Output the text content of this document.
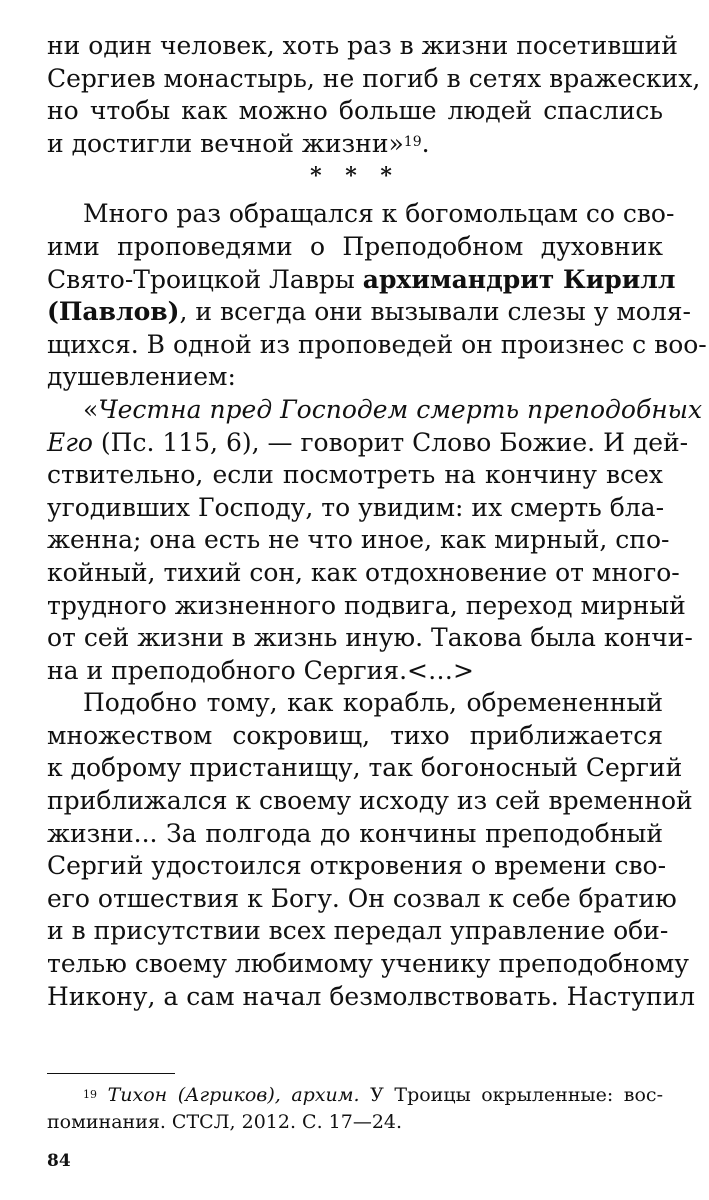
ни один человек, хоть раз в жизни посетивший
Сергиев монастырь, не погиб в сетях вражеских,
но чтобы как можно больше людей спаслись
и достигли вечной жизни»$^{19}$.
* * *
Много раз обращался к богомольцам со сво-
ими проповедями о Преподобном духовник
Свято-Троицкой Лавры архимандрит Кирилл
(Павлов), и всегда они вызывали слезы у моля-
щихся. В одной из проповедей он произнес с воо-
душевлением:
«Честна пред Господем смерть преподобных
Его (Пс. 115, 6), — говорит Слово Божие. И дей-
ствительно, если посмотреть на кончину всех
угодивших Господу, то увидим: их смерть бла-
женна; она есть не что иное, как мирный, спо-
койный, тихий сон, как отдохновение от много-
трудного жизненного подвига, переход мирный
от сей жизни в жизнь иную. Такова была кончи-
на и преподобного Сергия.<…>
Подобно тому, как корабль, обремененный
множеством сокровищ, тихо приближается
к доброму пристанищу, так богоносный Сергий
приближался к своему исходу из сей временной
жизни... За полгода до кончины преподобный
Сергий удостоился откровения о времени сво-
его отшествия к Богу. Он созвал к себе братию
и в присутствии всех передал управление оби-
телью своему любимому ученику преподобному
Никону, а сам начал безмолвствовать. Наступил
$^{19}$ Тихон (Агриков), архим. У Троицы окрыленные: вос-
поминания. СТСЛ, 2012. С. 17—24.
84
